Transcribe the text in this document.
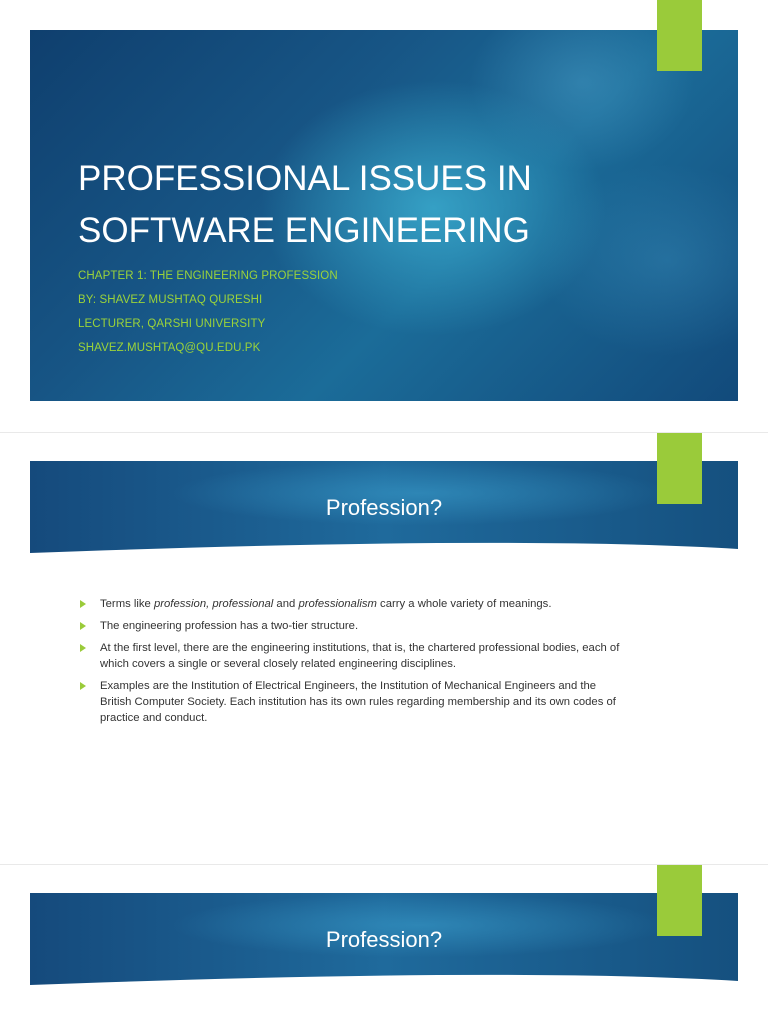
PROFESSIONAL ISSUES IN
SOFTWARE ENGINEERING
CHAPTER 1: THE ENGINEERING PROFESSION
BY: SHAVEZ MUSHTAQ QURESHI
LECTURER, QARSHI UNIVERSITY
SHAVEZ.MUSHTAQ@QU.EDU.PK
Profession?
Terms like profession, professional and professionalism carry a whole variety of meanings.
The engineering profession has a two-tier structure.
At the first level, there are the engineering institutions, that is, the chartered professional bodies, each of which covers a single or several closely related engineering disciplines.
Examples are the Institution of Electrical Engineers, the Institution of Mechanical Engineers and the British Computer Society. Each institution has its own rules regarding membership and its own codes of practice and conduct.
Profession?
